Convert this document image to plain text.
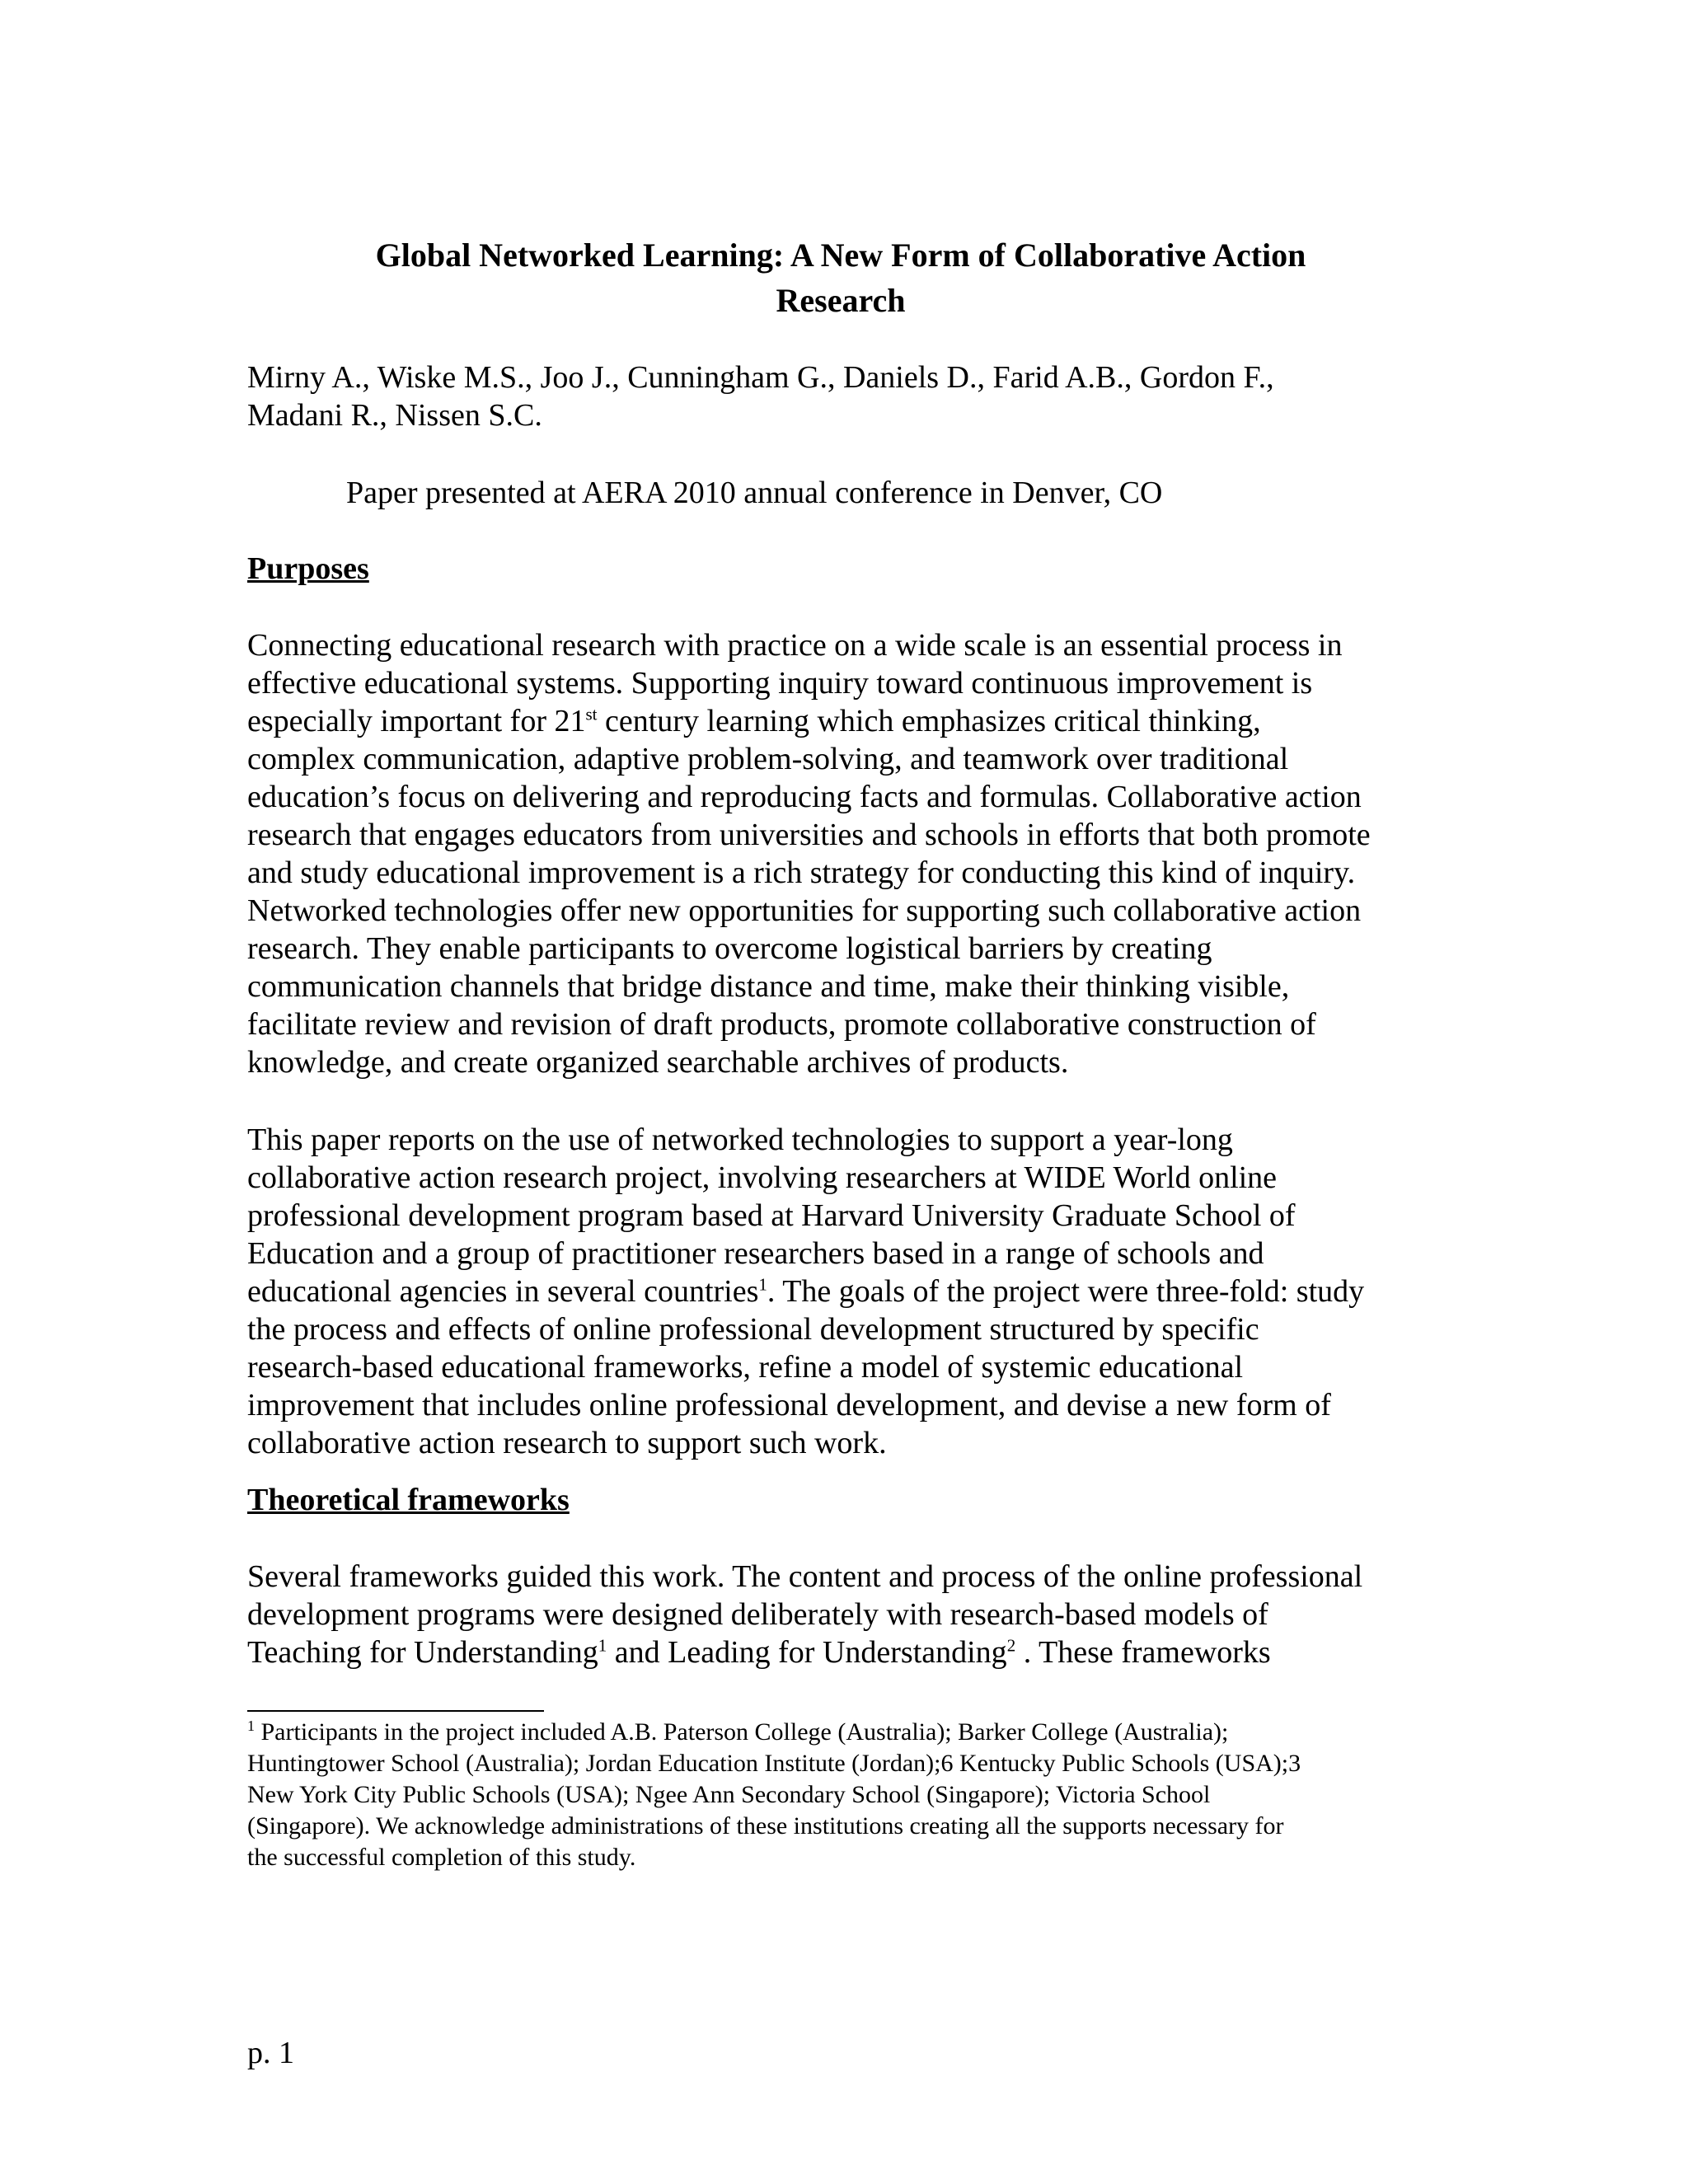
Global Networked Learning: A New Form of Collaborative Action
Research

Mirny A., Wiske M.S., Joo J., Cunningham G., Daniels D., Farid A.B., Gordon F.,
Madani R., Nissen S.C.

Paper presented at AERA 2010 annual conference in Denver, CO

Purposes

Connecting educational research with practice on a wide scale is an essential process in
effective educational systems. Supporting inquiry toward continuous improvement is
especially important for 21st century learning which emphasizes critical thinking,
complex communication, adaptive problem-solving, and teamwork over traditional
education’s focus on delivering and reproducing facts and formulas. Collaborative action
research that engages educators from universities and schools in efforts that both promote
and study educational improvement is a rich strategy for conducting this kind of inquiry.
Networked technologies offer new opportunities for supporting such collaborative action
research. They enable participants to overcome logistical barriers by creating
communication channels that bridge distance and time, make their thinking visible,
facilitate review and revision of draft products, promote collaborative construction of
knowledge, and create organized searchable archives of products.

This paper reports on the use of networked technologies to support a year-long
collaborative action research project, involving researchers at WIDE World online
professional development program based at Harvard University Graduate School of
Education and a group of practitioner researchers based in a range of schools and
educational agencies in several countries$^1$. The goals of the project were three-fold: study
the process and effects of online professional development structured by specific
research-based educational frameworks, refine a model of systemic educational
improvement that includes online professional development, and devise a new form of
collaborative action research to support such work.

Theoretical frameworks

Several frameworks guided this work. The content and process of the online professional
development programs were designed deliberately with research-based models of
Teaching for Understanding$^1$ and Leading for Understanding$^2$ . These frameworks

$^1$ Participants in the project included A.B. Paterson College (Australia); Barker College (Australia);
Huntingtower School (Australia); Jordan Education Institute (Jordan);6 Kentucky Public Schools (USA);3
New York City Public Schools (USA); Ngee Ann Secondary School (Singapore); Victoria School
(Singapore). We acknowledge administrations of these institutions creating all the supports necessary for
the successful completion of this study.

p. 1
